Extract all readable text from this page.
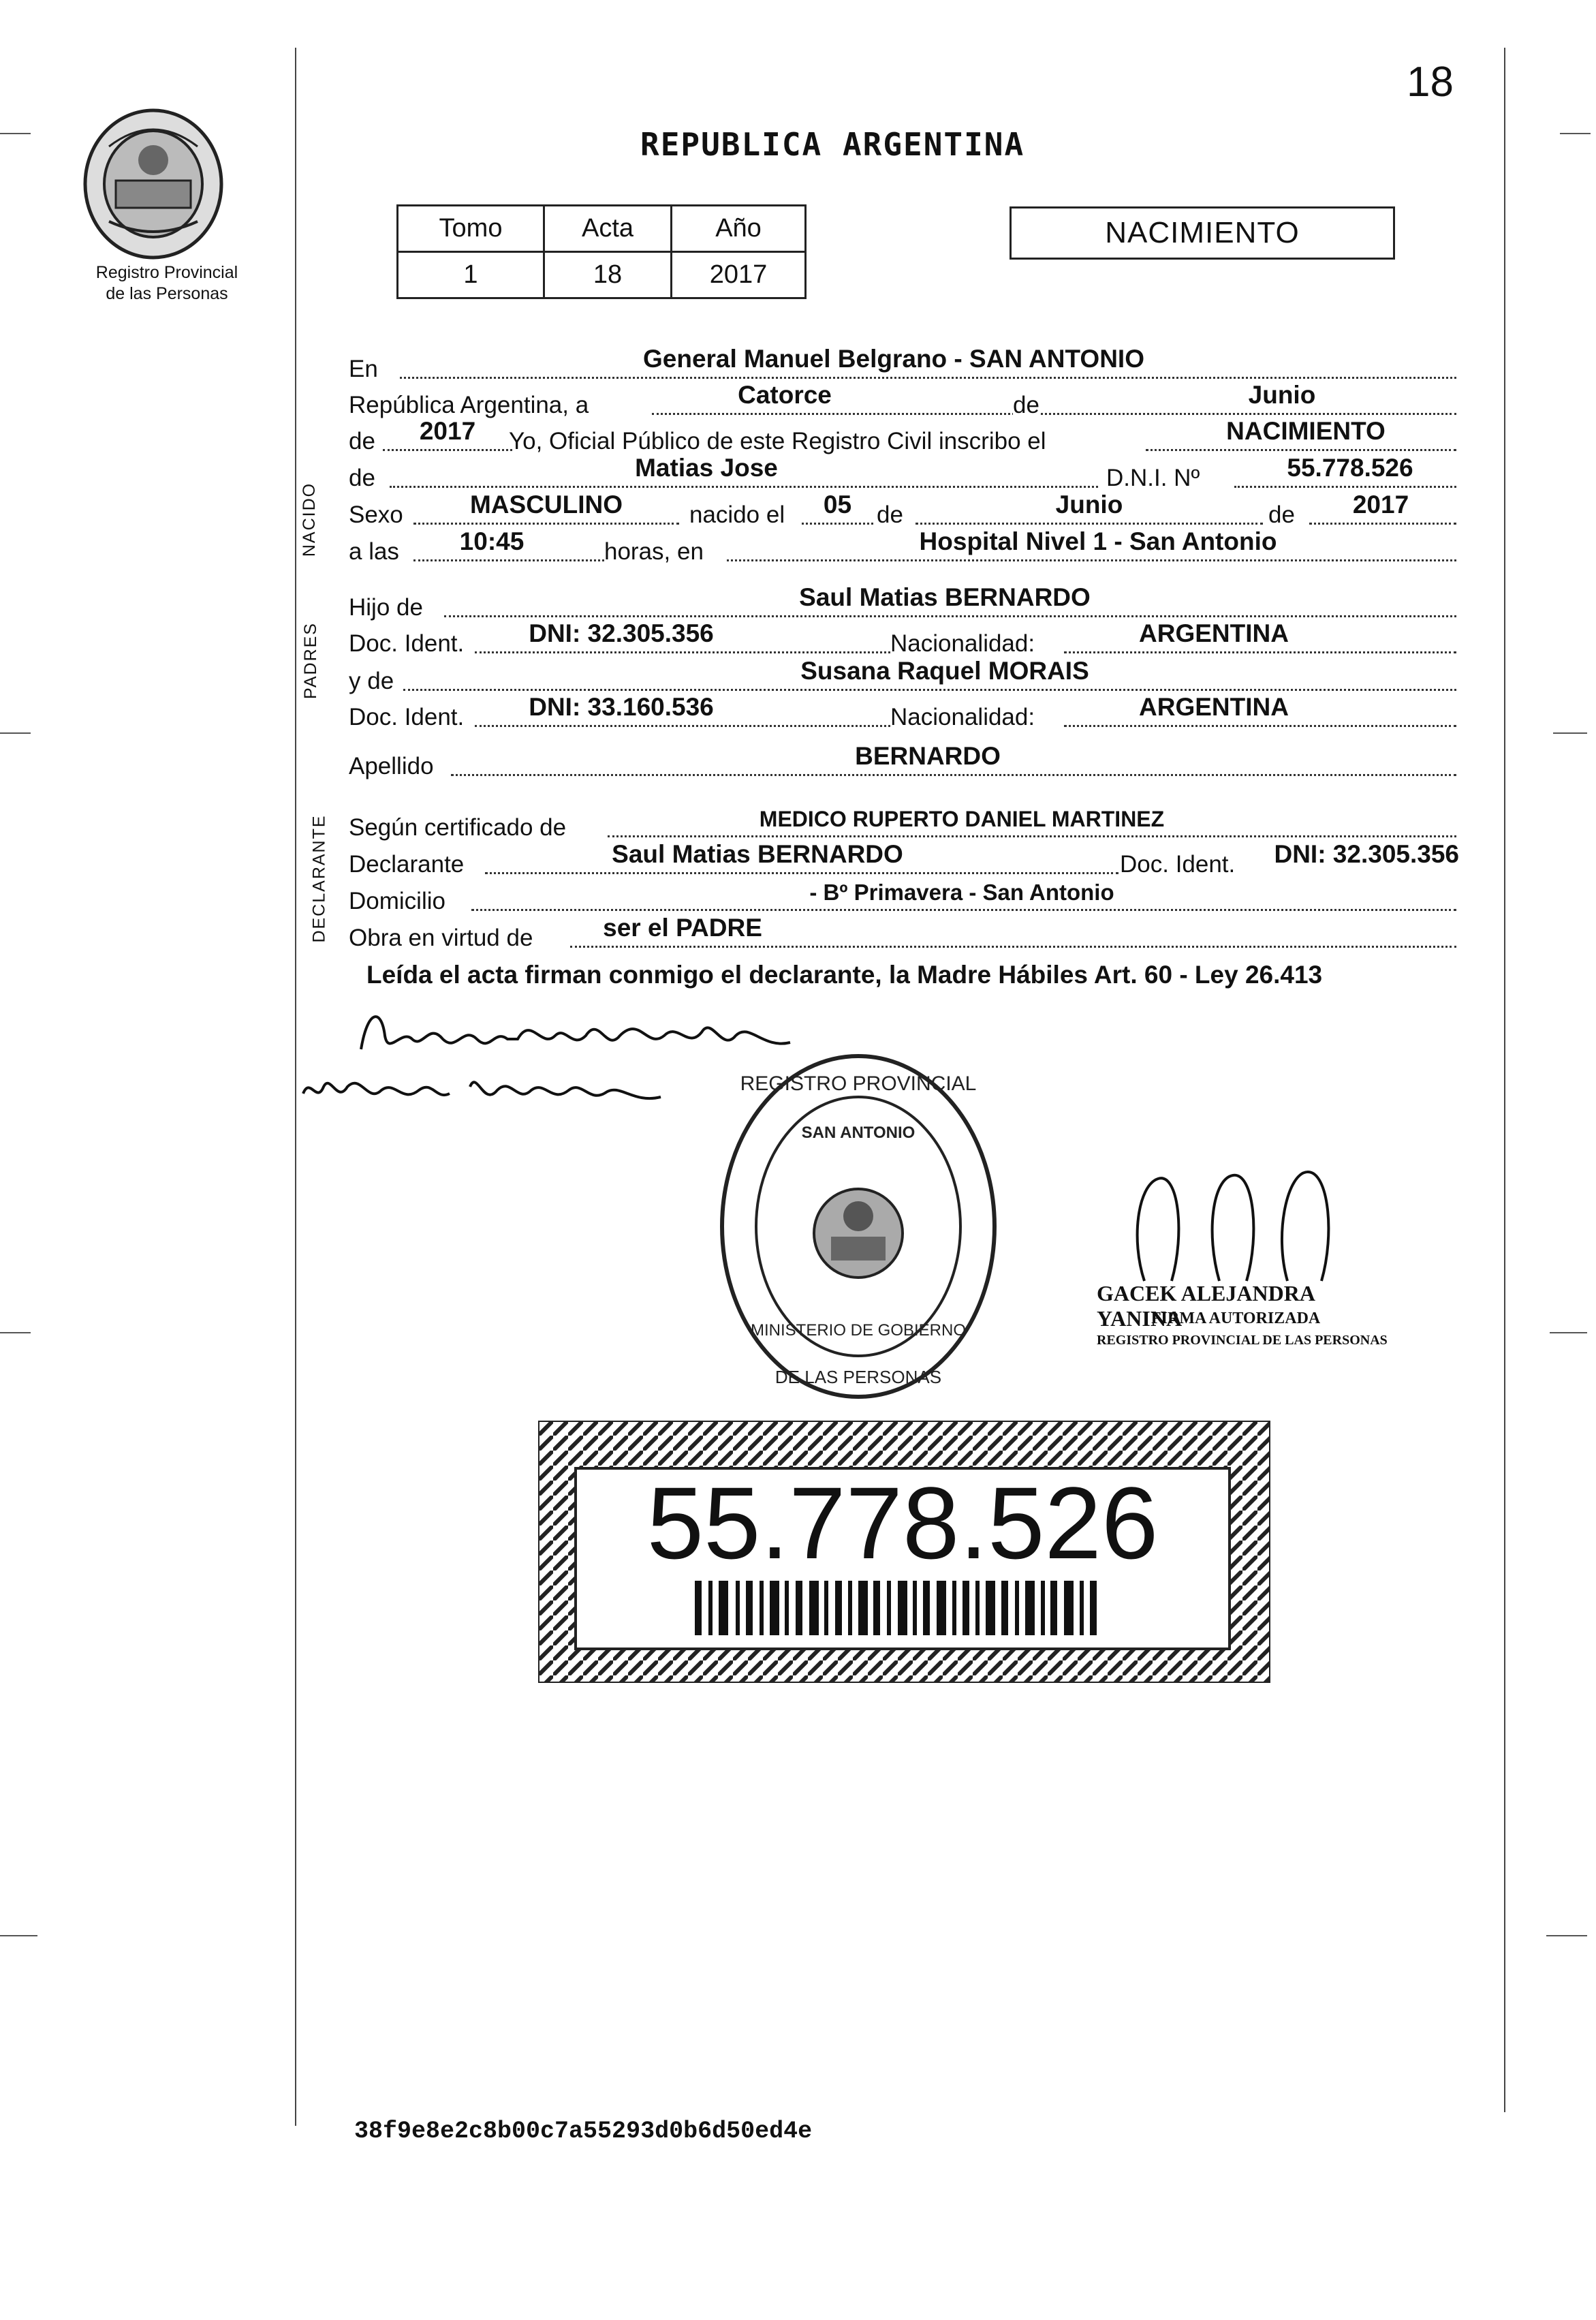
18
Registro Provincial
de las Personas
REPUBLICA ARGENTINA
Tomo	Acta	Año
1	18	2017
NACIMIENTO
NACIDO
PADRES
DECLARANTE
En	General Manuel Belgrano - SAN ANTONIO
República Argentina, a	Catorce	de	Junio
de	2017	Yo, Oficial Público de este Registro Civil inscribo el	NACIMIENTO
de	Matias Jose	D.N.I. Nº	55.778.526
Sexo	MASCULINO	nacido el	05	de	Junio	de	2017
a las	10:45	horas, en	Hospital Nivel 1 - San Antonio
Hijo de	Saul Matias BERNARDO
Doc. Ident.	DNI: 32.305.356	Nacionalidad:	ARGENTINA
y de	Susana Raquel MORAIS
Doc. Ident.	DNI: 33.160.536	Nacionalidad:	ARGENTINA
Apellido	BERNARDO
Según certificado de	MEDICO RUPERTO DANIEL MARTINEZ
Declarante	Saul Matias BERNARDO	Doc. Ident.	DNI: 32.305.356
Domicilio	- Bº Primavera - San Antonio
Obra en virtud de	ser el PADRE
Leída el acta firman conmigo el declarante, la Madre Hábiles Art. 60 - Ley 26.413
REGISTRO PROVINCIAL
DE LAS PERSONAS
MINISTERIO DE GOBIERNO
SAN ANTONIO
GACEK ALEJANDRA YANINA
FIRMA AUTORIZADA
REGISTRO PROVINCIAL DE LAS PERSONAS
55.778.526
38f9e8e2c8b00c7a55293d0b6d50ed4e
